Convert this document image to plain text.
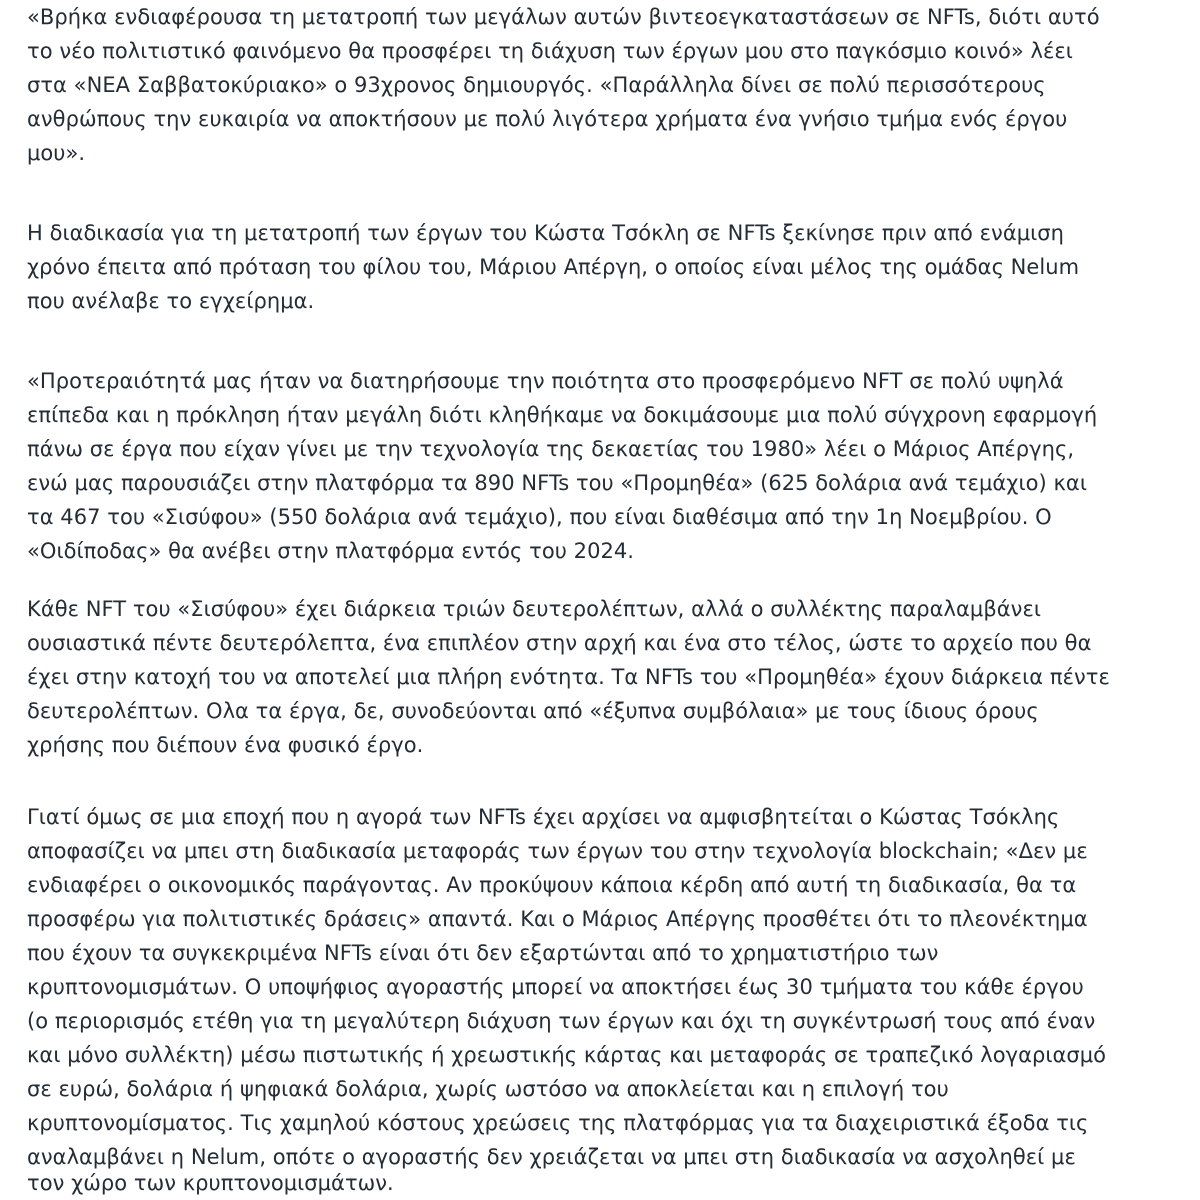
«Βρήκα ενδιαφέρουσα τη μετατροπή των μεγάλων αυτών βιντεοεγκαταστάσεων σε NFTs, διότι αυτό
το νέο πολιτιστικό φαινόμενο θα προσφέρει τη διάχυση των έργων μου στο παγκόσμιο κοινό» λέει
στα «ΝΕΑ Σαββατοκύριακο» ο 93χρονος δημιουργός. «Παράλληλα δίνει σε πολύ περισσότερους
ανθρώπους την ευκαιρία να αποκτήσουν με πολύ λιγότερα χρήματα ένα γνήσιο τμήμα ενός έργου
μου».
Η διαδικασία για τη μετατροπή των έργων του Κώστα Τσόκλη σε NFTs ξεκίνησε πριν από ενάμιση
χρόνο έπειτα από πρόταση του φίλου του, Μάριου Απέργη, ο οποίος είναι μέλος της ομάδας Nelum
που ανέλαβε το εγχείρημα.
«Προτεραιότητά μας ήταν να διατηρήσουμε την ποιότητα στο προσφερόμενο NFT σε πολύ υψηλά
επίπεδα και η πρόκληση ήταν μεγάλη διότι κληθήκαμε να δοκιμάσουμε μια πολύ σύγχρονη εφαρμογή
πάνω σε έργα που είχαν γίνει με την τεχνολογία της δεκαετίας του 1980» λέει ο Μάριος Απέργης,
ενώ μας παρουσιάζει στην πλατφόρμα τα 890 NFTs του «Προμηθέα» (625 δολάρια ανά τεμάχιο) και
τα 467 του «Σισύφου» (550 δολάρια ανά τεμάχιο), που είναι διαθέσιμα από την 1η Νοεμβρίου. Ο
«Οιδίποδας» θα ανέβει στην πλατφόρμα εντός του 2024.
Κάθε NFT του «Σισύφου» έχει διάρκεια τριών δευτερολέπτων, αλλά ο συλλέκτης παραλαμβάνει
ουσιαστικά πέντε δευτερόλεπτα, ένα επιπλέον στην αρχή και ένα στο τέλος, ώστε το αρχείο που θα
έχει στην κατοχή του να αποτελεί μια πλήρη ενότητα. Τα NFTs του «Προμηθέα» έχουν διάρκεια πέντε
δευτερολέπτων. Ολα τα έργα, δε, συνοδεύονται από «έξυπνα συμβόλαια» με τους ίδιους όρους
χρήσης που διέπουν ένα φυσικό έργο.
Γιατί όμως σε μια εποχή που η αγορά των NFTs έχει αρχίσει να αμφισβητείται ο Κώστας Τσόκλης
αποφασίζει να μπει στη διαδικασία μεταφοράς των έργων του στην τεχνολογία blockchain; «Δεν με
ενδιαφέρει ο οικονομικός παράγοντας. Αν προκύψουν κάποια κέρδη από αυτή τη διαδικασία, θα τα
προσφέρω για πολιτιστικές δράσεις» απαντά. Και ο Μάριος Απέργης προσθέτει ότι το πλεονέκτημα
που έχουν τα συγκεκριμένα NFTs είναι ότι δεν εξαρτώνται από το χρηματιστήριο των
κρυπτονομισμάτων. Ο υποψήφιος αγοραστής μπορεί να αποκτήσει έως 30 τμήματα του κάθε έργου
(ο περιορισμός ετέθη για τη μεγαλύτερη διάχυση των έργων και όχι τη συγκέντρωσή τους από έναν
και μόνο συλλέκτη) μέσω πιστωτικής ή χρεωστικής κάρτας και μεταφοράς σε τραπεζικό λογαριασμό
σε ευρώ, δολάρια ή ψηφιακά δολάρια, χωρίς ωστόσο να αποκλείεται και η επιλογή του
κρυπτονομίσματος. Τις χαμηλού κόστους χρεώσεις της πλατφόρμας για τα διαχειριστικά έξοδα τις
αναλαμβάνει η Nelum, οπότε ο αγοραστής δεν χρειάζεται να μπει στη διαδικασία να ασχοληθεί με
τον χώρο των κρυπτονομισμάτων.
